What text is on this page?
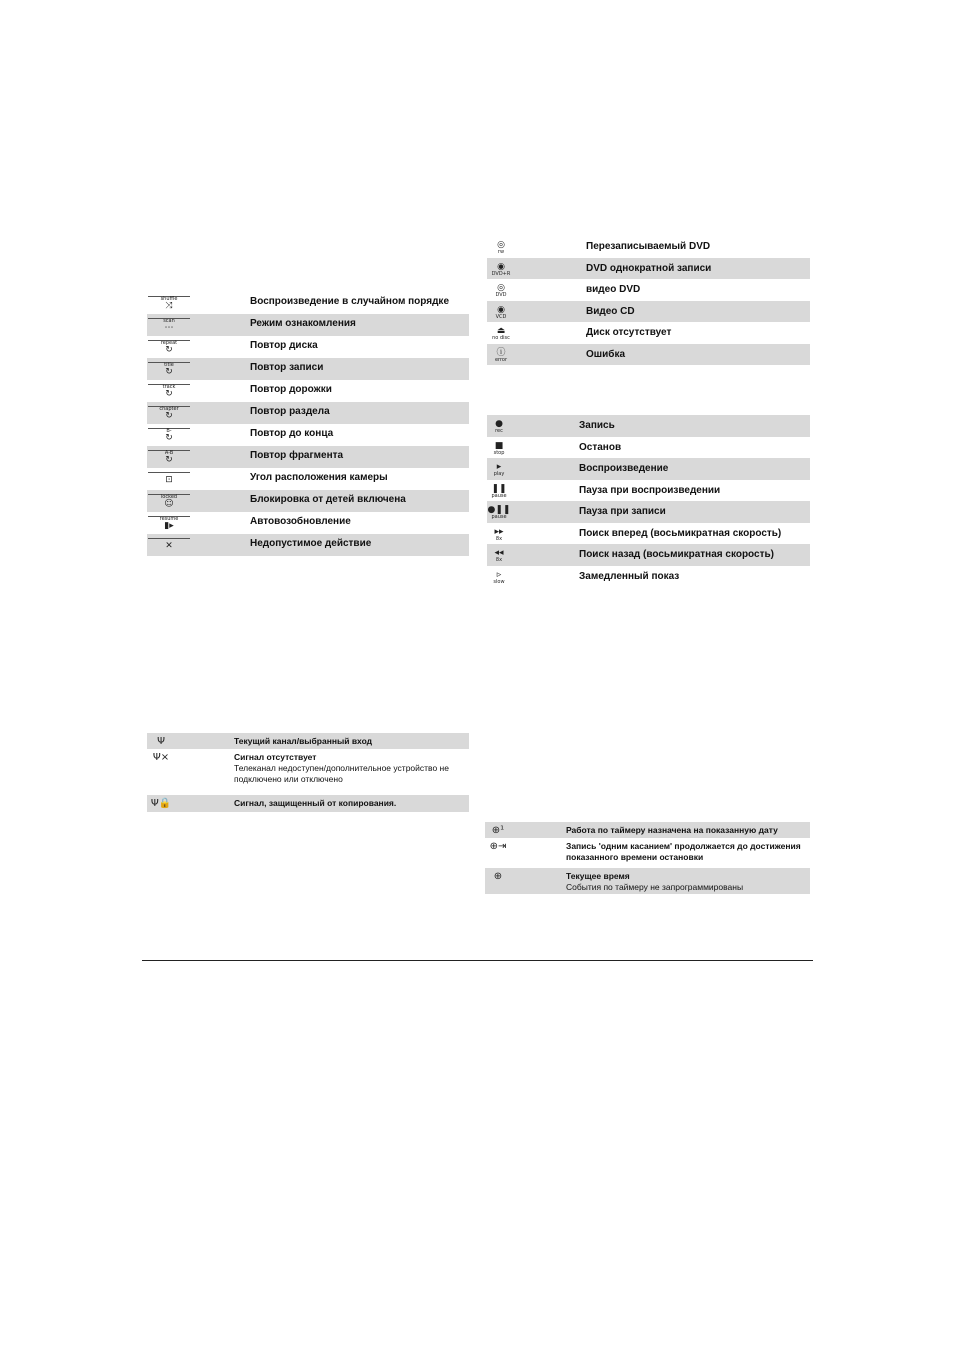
shuffle
⤨	Воспроизведение в случайном порядке
scan
⋯	Режим ознакомления
repeat
↻	Повтор диска
title
↻	Повтор записи
track
↻	Повтор дорожки
chapter
↻	Повтор раздела
B-
↻	Повтор до конца
A-B
↻	Повтор фрагмента
⊡	Угол расположения камеры
locked
☺	Блокировка от детей включена
resume
▮▸	Автовозобновление
✕	Недопустимое действие
◎
rw	Перезаписываемый DVD
◉
DVD+R	DVD однократной записи
◎
DVD	видео DVD
◉
VCD	Видео CD
⏏
no disc	Диск отсутствует
ⓘ
error	Ошибка
●
rec	Запись
■
stop	Останов
▸
play	Воспроизведение
❚❚
pause	Пауза при воспроизведении
●❚❚
pause	Пауза при записи
▸▸
8x	Поиск вперед (восьмикратная скорость)
◂◂
8x	Поиск назад (восьмикратная скорость)
▹
slow	Замедленный показ
Ψ	Текущий канал/выбранный вход
Ψ×	Сигнал отсутствует
Телеканал недоступен/дополнительное устройство не подключено или отключено
Ψ🔒	Сигнал, защищенный от копирования.
⊕¹	Работа по таймеру назначена на показанную дату
⊕⇥	Запись 'одним касанием' продолжается до достижения показанного времени остановки
⊕	Текущее время
События по таймеру не запрограммированы
